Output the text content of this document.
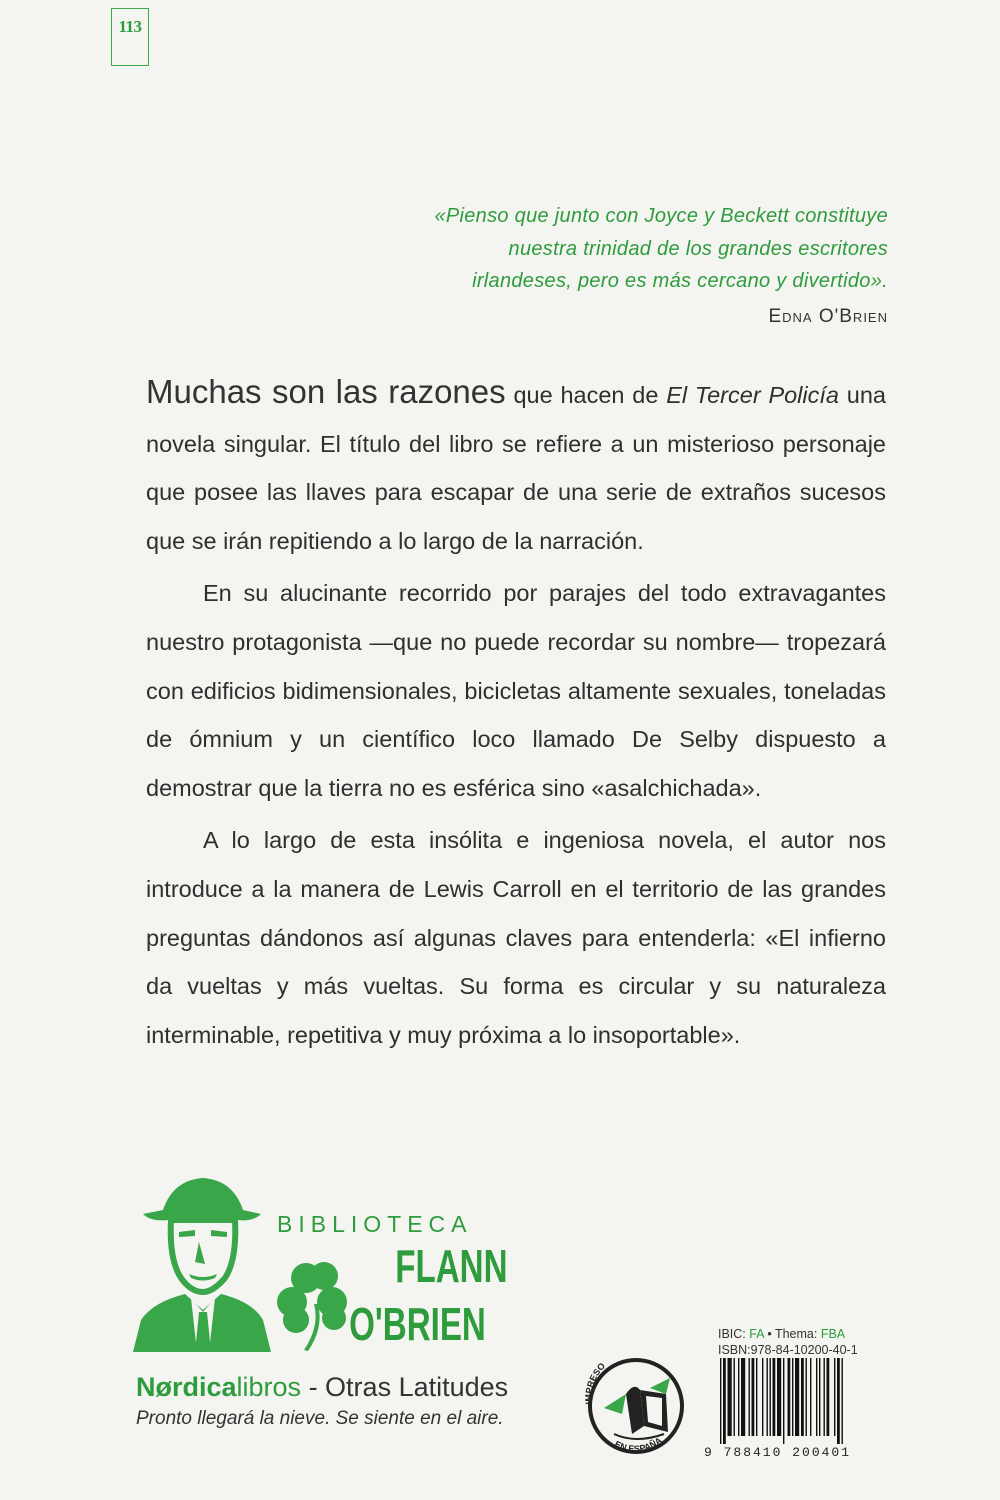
113
«Pienso que junto con Joyce y Beckett constituye
nuestra trinidad de los grandes escritores
irlandeses, pero es más cercano y divertido».
Edna O'Brien

Muchas son las razones que hacen de El Tercer Policía una novela singular. El título del libro se refiere a un misterioso personaje que posee las llaves para escapar de una serie de extraños sucesos que se irán repitiendo a lo largo de la narración.

En su alucinante recorrido por parajes del todo extravagantes nuestro protagonista —que no puede recordar su nombre— tropezará con edificios bidimensionales, bicicletas altamente sexuales, toneladas de ómnium y un científico loco llamado De Selby dispuesto a demostrar que la tierra no es esférica sino «asalchichada».

A lo largo de esta insólita e ingeniosa novela, el autor nos introduce a la manera de Lewis Carroll en el territorio de las grandes preguntas dándonos así algunas claves para entenderla: «El infierno da vueltas y más vueltas. Su forma es circular y su naturaleza interminable, repetitiva y muy próxima a lo insoportable».

BIBLIOTECA
FLANN
O'BRIEN
Nørdicalibros - Otras Latitudes
Pronto llegará la nieve. Se siente en el aire.
IMPRESO
EN ESPAÑA
IBIC: FA • Thema: FBA
ISBN:978-84-10200-40-1
9 788410 200401
